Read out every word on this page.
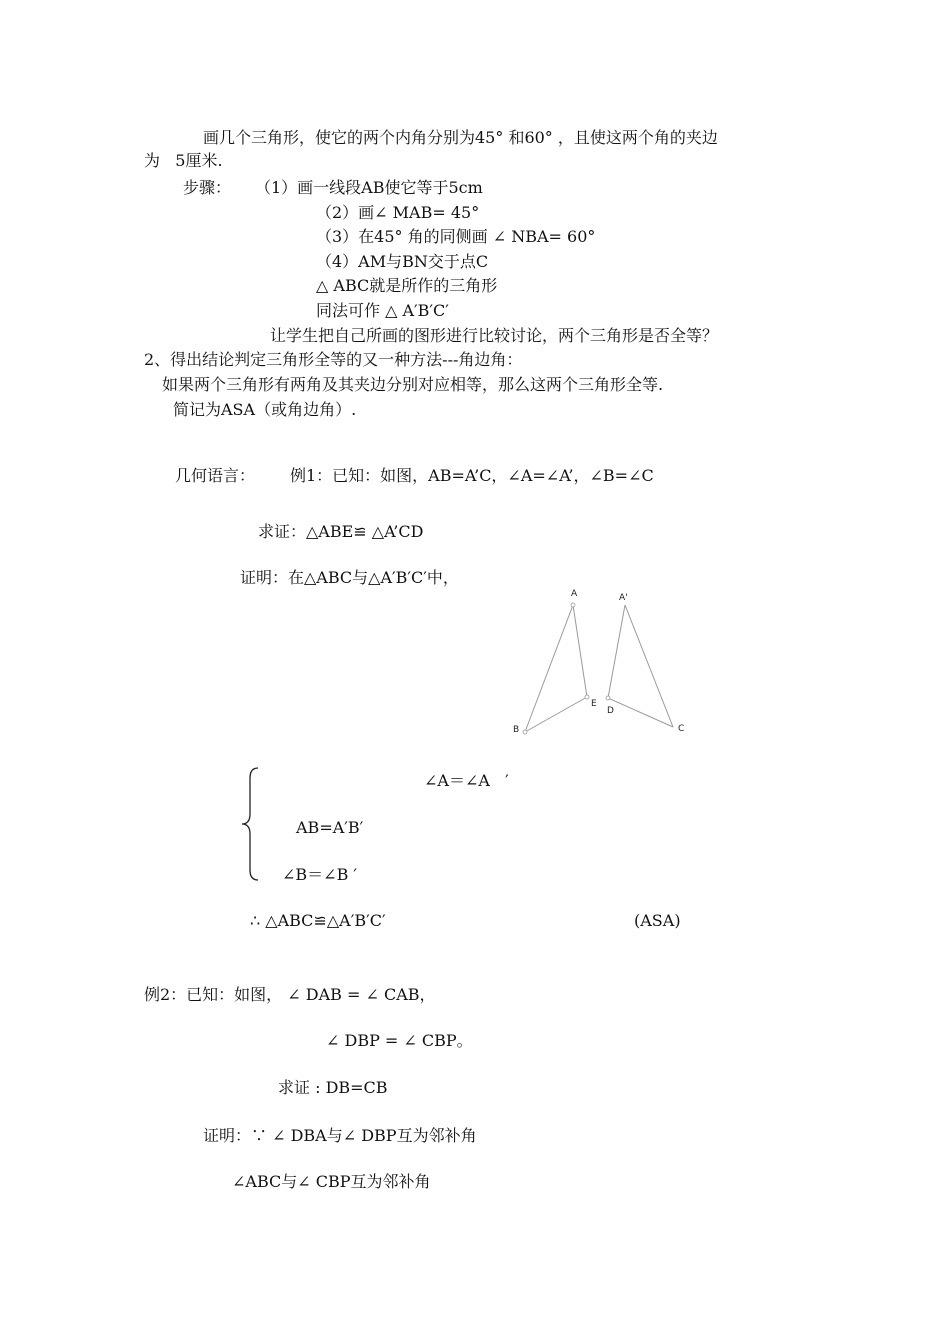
画几个三角形，使它的两个内角分别为45° 和60° ，且使这两个角的夹边
为   5厘米.
步骤： （1）画一线段AB使它等于5cm
（2）画∠ MAB= 45°
（3）在45° 角的同侧画 ∠ NBA= 60°
（4）AM与BN交于点C
△ ABC就是所作的三角形
同法可作 △ A′B′C′
让学生把自己所画的图形进行比较讨论，两个三角形是否全等？
2、得出结论判定三角形全等的又一种方法---角边角：
如果两个三角形有两角及其夹边分别对应相等，那么这两个三角形全等.
简记为ASA（或角边角）.
几何语言： 例1：已知：如图，AB=A’C，∠A=∠A’，∠B=∠C
求证：△ABE≌ △A’CD
证明：在△ABC与△A′B′C′中，
A
B
E
A'
D
C
∠A＝∠A   ′
AB=A′B′
∠B＝∠B ′
∴ △ABC≌△A′B′C′	(ASA)
例2：已知：如图， ∠ DAB = ∠ CAB，
∠ DBP = ∠ CBP。
求证 : DB=CB
证明：∵ ∠ DBA与∠ DBP互为邻补角
∠ABC与∠ CBP互为邻补角
